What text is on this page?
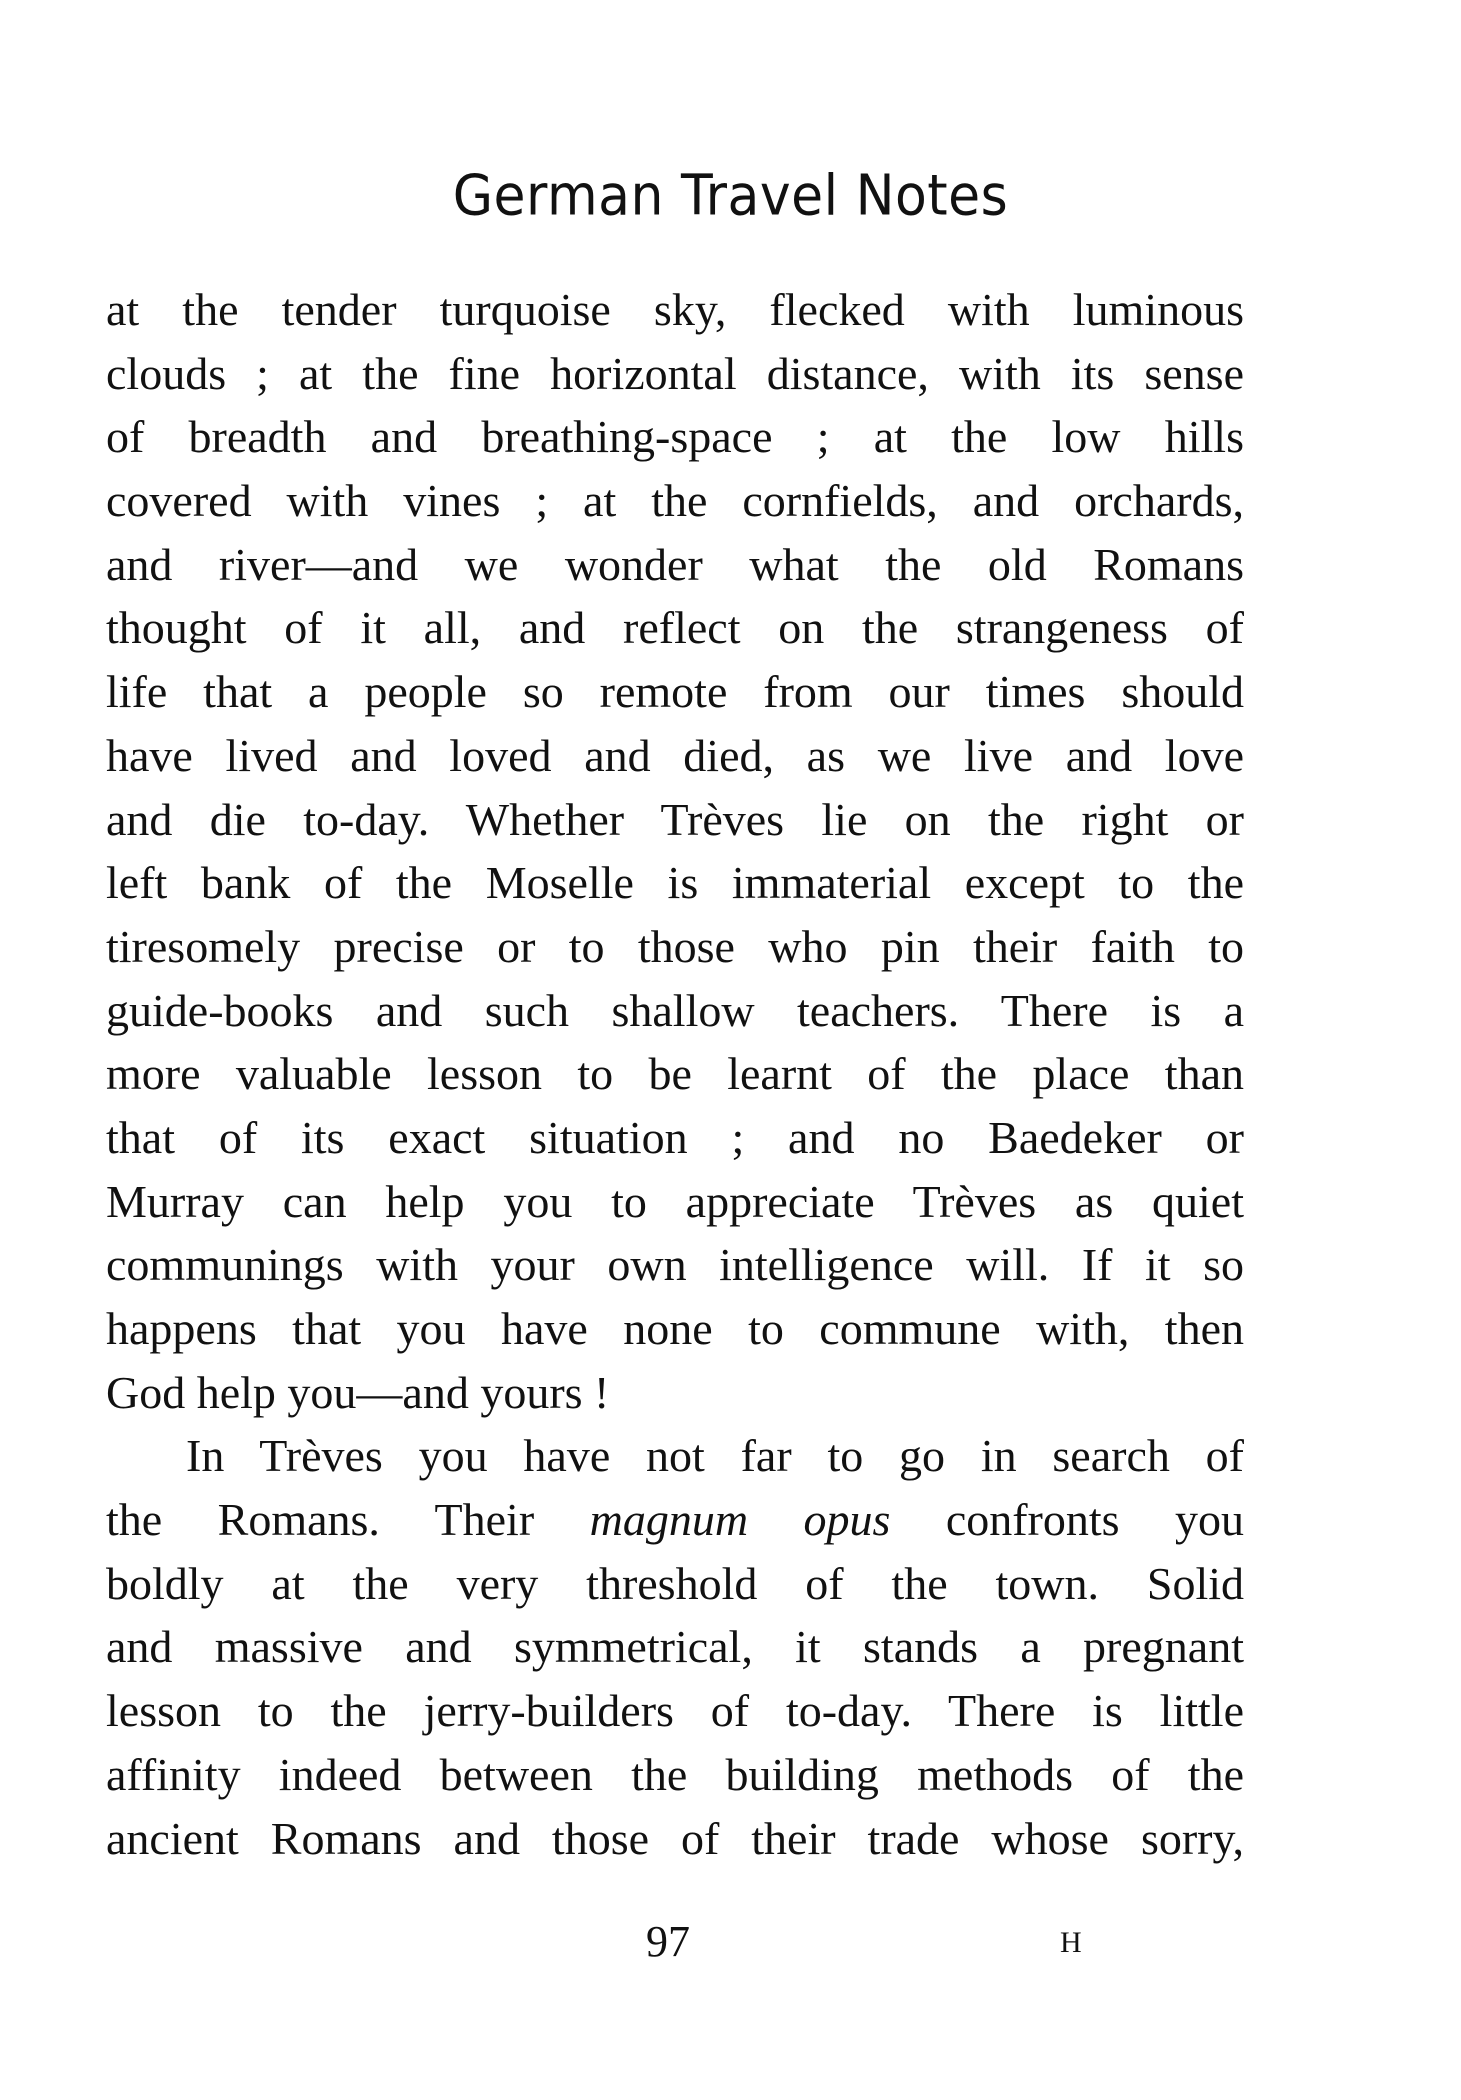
German Travel Notes
at the tender turquoise sky, flecked with luminous
clouds ; at the fine horizontal distance, with its sense
of breadth and breathing-space ; at the low hills
covered with vines ; at the cornfields, and orchards,
and river—and we wonder what the old Romans
thought of it all, and reflect on the strangeness of
life that a people so remote from our times should
have lived and loved and died, as we live and love
and die to-day. Whether Trèves lie on the right or
left bank of the Moselle is immaterial except to the
tiresomely precise or to those who pin their faith to
guide-books and such shallow teachers. There is a
more valuable lesson to be learnt of the place than
that of its exact situation ; and no Baedeker or
Murray can help you to appreciate Trèves as quiet
communings with your own intelligence will. If it so
happens that you have none to commune with, then
God help you—and yours !
In Trèves you have not far to go in search of
the Romans. Their magnum opus confronts you
boldly at the very threshold of the town. Solid
and massive and symmetrical, it stands a pregnant
lesson to the jerry-builders of to-day. There is little
affinity indeed between the building methods of the
ancient Romans and those of their trade whose sorry,
97	H
